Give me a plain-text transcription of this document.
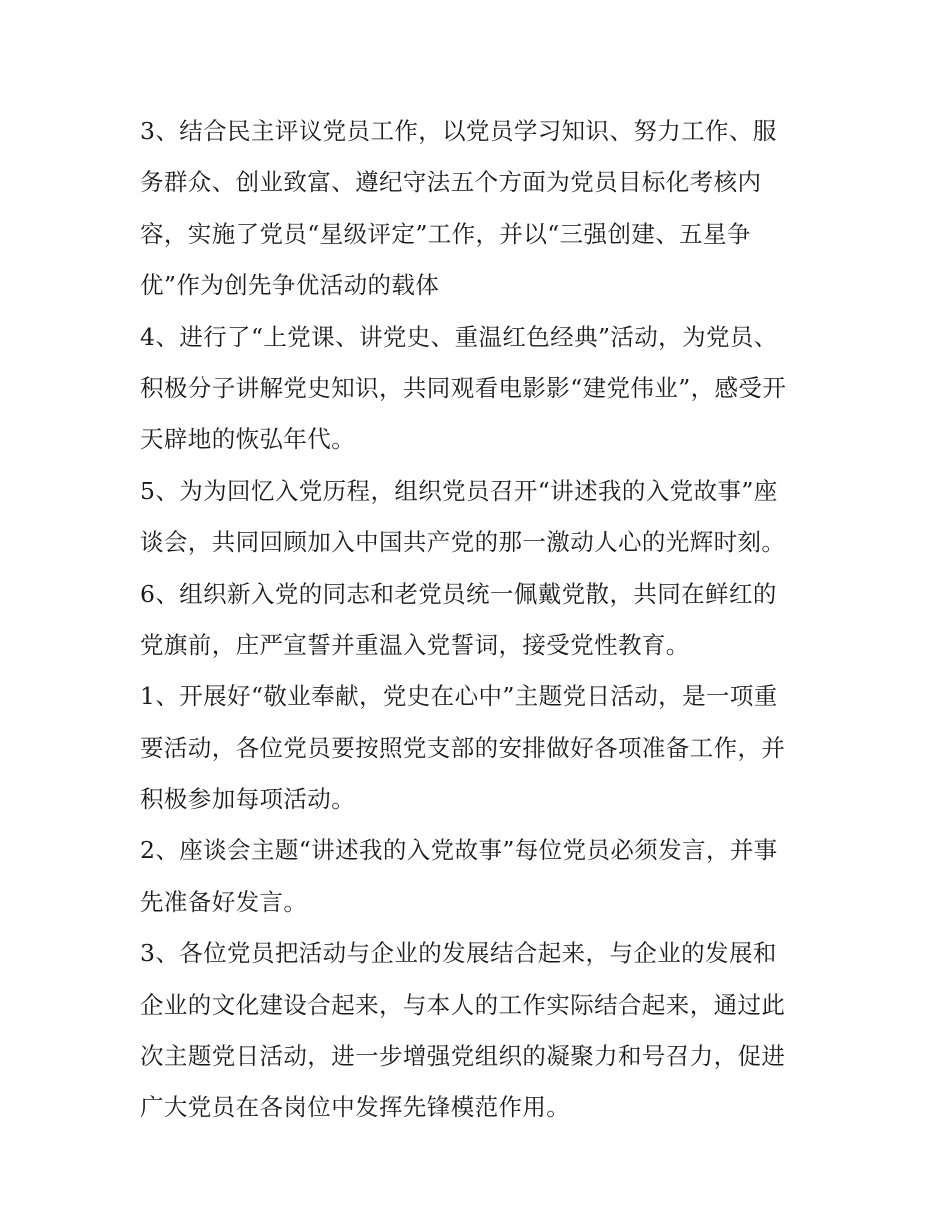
3、结合民主评议党员工作，以党员学习知识、努力工作、服
务群众、创业致富、遵纪守法五个方面为党员目标化考核内
容，实施了党员“星级评定”工作，并以“三强创建、五星争
优”作为创先争优活动的载体
4、进行了“上党课、讲党史、重温红色经典”活动，为党员、
积极分子讲解党史知识，共同观看电影影“建党伟业”，感受开
天辟地的恢弘年代。
5、为为回忆入党历程，组织党员召开“讲述我的入党故事”座
谈会，共同回顾加入中国共产党的那一激动人心的光辉时刻。
6、组织新入党的同志和老党员统一佩戴党散，共同在鲜红的
党旗前，庄严宣誓并重温入党誓词，接受党性教育。
1、开展好“敬业奉献，党史在心中”主题党日活动，是一项重
要活动，各位党员要按照党支部的安排做好各项准备工作，并
积极参加每项活动。
2、座谈会主题“讲述我的入党故事”每位党员必须发言，并事
先准备好发言。
3、各位党员把活动与企业的发展结合起来，与企业的发展和
企业的文化建设合起来，与本人的工作实际结合起来，通过此
次主题党日活动，进一步增强党组织的凝聚力和号召力，促进
广大党员在各岗位中发挥先锋模范作用。
